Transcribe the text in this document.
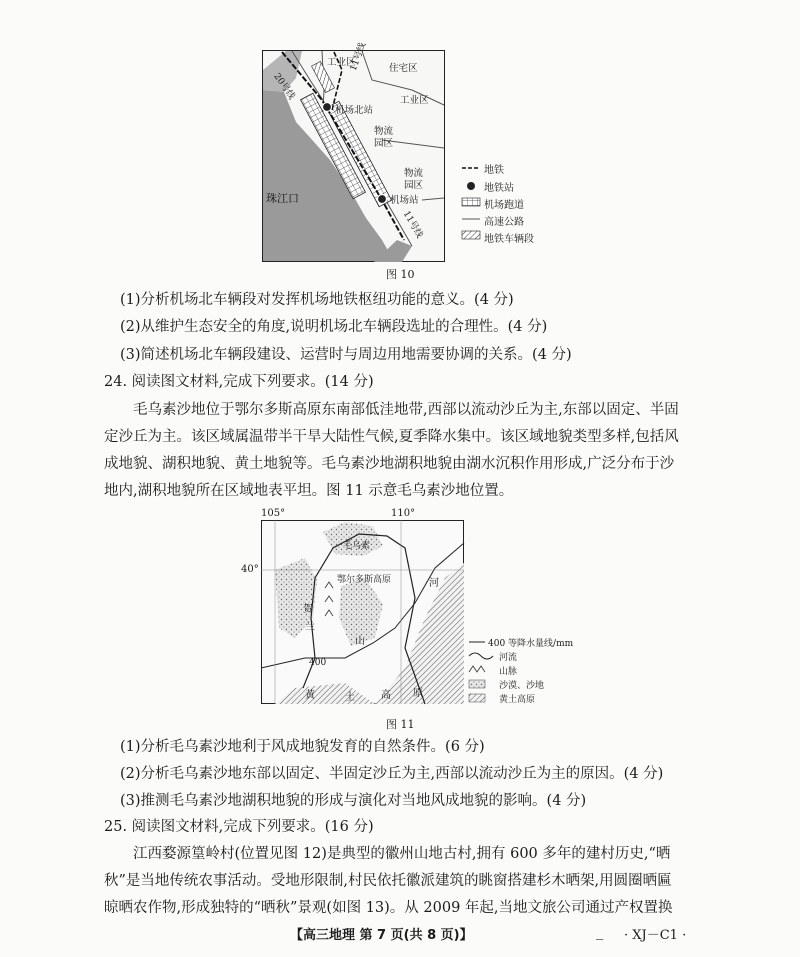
工业区
住宅区
11号线
20号线	工业区
机场北站
物流园区
物流园区
机场站
珠江口
11号线
地铁
地铁站
机场跑道
高速公路
地铁车辆段
图 10
(1)分析机场北车辆段对发挥机场地铁枢纽功能的意义。(4 分)
(2)从维护生态安全的角度,说明机场北车辆段选址的合理性。(4 分)
(3)简述机场北车辆段建设、运营时与周边用地需要协调的关系。(4 分)
24. 阅读图文材料,完成下列要求。(14 分)
毛乌素沙地位于鄂尔多斯高原东南部低洼地带,西部以流动沙丘为主,东部以固定、半固定沙丘为主。该区域属温带半干旱大陆性气候,夏季降水集中。该区域地貌类型多样,包括风成地貌、湖积地貌、黄土地貌等。毛乌素沙地湖积地貌由湖水沉积作用形成,广泛分布于沙地内,湖积地貌所在区域地表平坦。图 11 示意毛乌素沙地位置。
105°	110°
40°
鄂尔多斯高原
毛乌素
河
贺
兰
山
黄	土	高 原
400
400 等降水量线/mm
河流
山脉
沙漠、沙地
黄土高原
图 11
(1)分析毛乌素沙地利于风成地貌发育的自然条件。(6 分)
(2)分析毛乌素沙地东部以固定、半固定沙丘为主,西部以流动沙丘为主的原因。(4 分)
(3)推测毛乌素沙地湖积地貌的形成与演化对当地风成地貌的影响。(4 分)
25. 阅读图文材料,完成下列要求。(16 分)
江西婺源篁岭村(位置见图 12)是典型的徽州山地古村,拥有 600 多年的建村历史,“晒秋”是当地传统农事活动。受地形限制,村民依托徽派建筑的眺窗搭建杉木晒架,用圆圈晒匾晾晒农作物,形成独特的“晒秋”景观(如图 13)。从 2009 年起,当地文旅公司通过产权置换
【高三地理 第 7 页(共 8 页)】	_ · XJ－C1 ·
